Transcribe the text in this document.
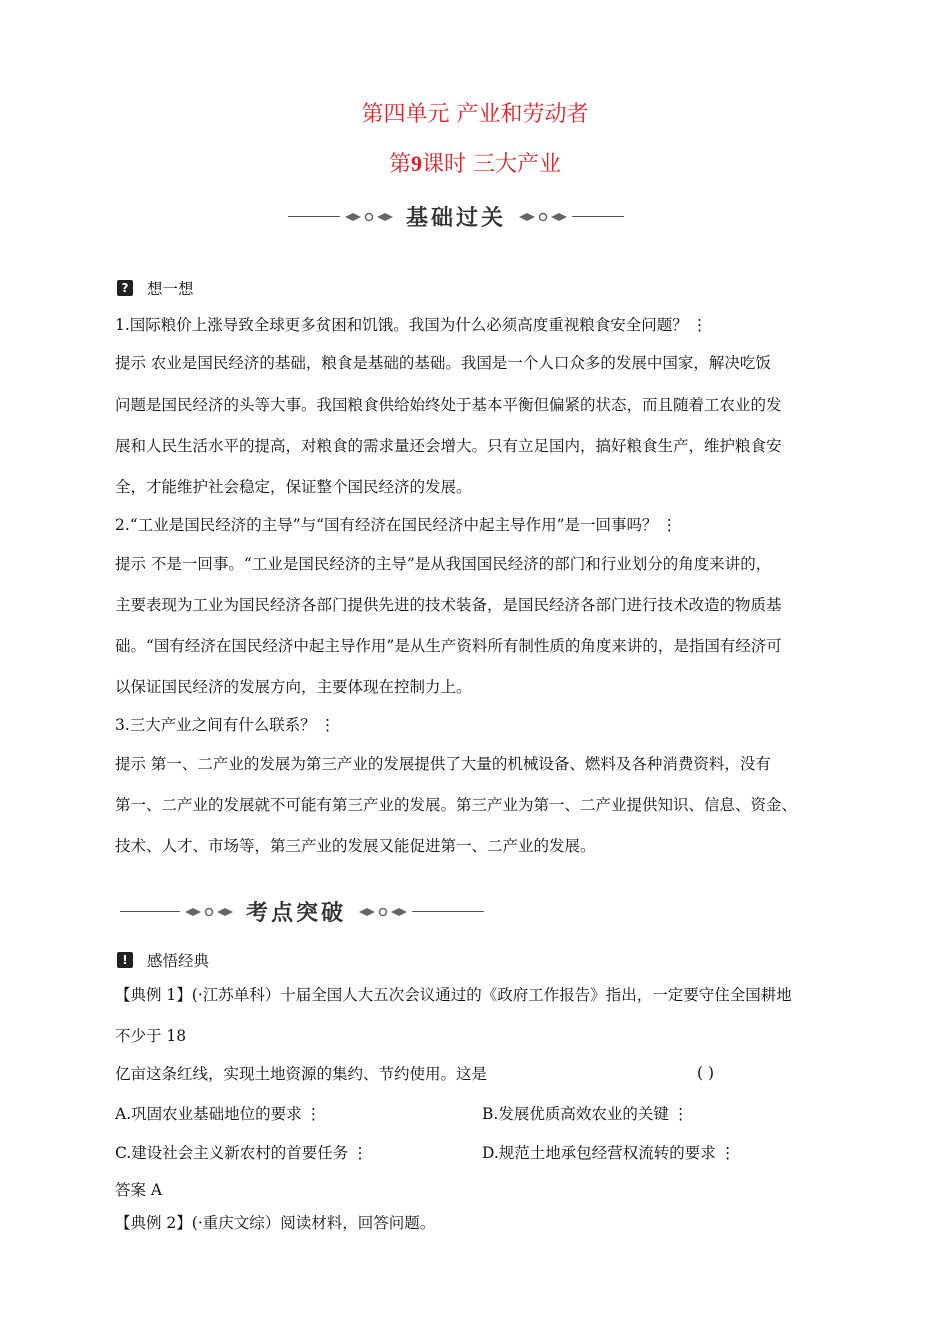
第四单元 产业和劳动者
第9课时 三大产业
基础过关
? 想一想
1.国际粮价上涨导致全球更多贫困和饥饿。我国为什么必须高度重视粮食安全问题？ ⋮
提示 农业是国民经济的基础，粮食是基础的基础。我国是一个人口众多的发展中国家，解决吃饭
问题是国民经济的头等大事。我国粮食供给始终处于基本平衡但偏紧的状态，而且随着工农业的发
展和人民生活水平的提高，对粮食的需求量还会增大。只有立足国内，搞好粮食生产，维护粮食安
全，才能维护社会稳定，保证整个国民经济的发展。
2.“工业是国民经济的主导”与“国有经济在国民经济中起主导作用”是一回事吗？ ⋮
提示 不是一回事。“工业是国民经济的主导”是从我国国民经济的部门和行业划分的角度来讲的，
主要表现为工业为国民经济各部门提供先进的技术装备，是国民经济各部门进行技术改造的物质基
础。“国有经济在国民经济中起主导作用”是从生产资料所有制性质的角度来讲的，是指国有经济可
以保证国民经济的发展方向，主要体现在控制力上。
3.三大产业之间有什么联系？ ⋮
提示 第一、二产业的发展为第三产业的发展提供了大量的机械设备、燃料及各种消费资料，没有
第一、二产业的发展就不可能有第三产业的发展。第三产业为第一、二产业提供知识、信息、资金、
技术、人才、市场等，第三产业的发展又能促进第一、二产业的发展。
考点突破
!	感悟经典
【典例 1】(·江苏单科）十届全国人大五次会议通过的《政府工作报告》指出，一定要守住全国耕地
不少于 18
亿亩这条红线，实现土地资源的集约、节约使用。这是	( )
A.巩固农业基础地位的要求 ⋮	B.发展优质高效农业的关键 ⋮
C.建设社会主义新农村的首要任务 ⋮	D.规范土地承包经营权流转的要求 ⋮
答案 A
【典例 2】(·重庆文综）阅读材料，回答问题。
